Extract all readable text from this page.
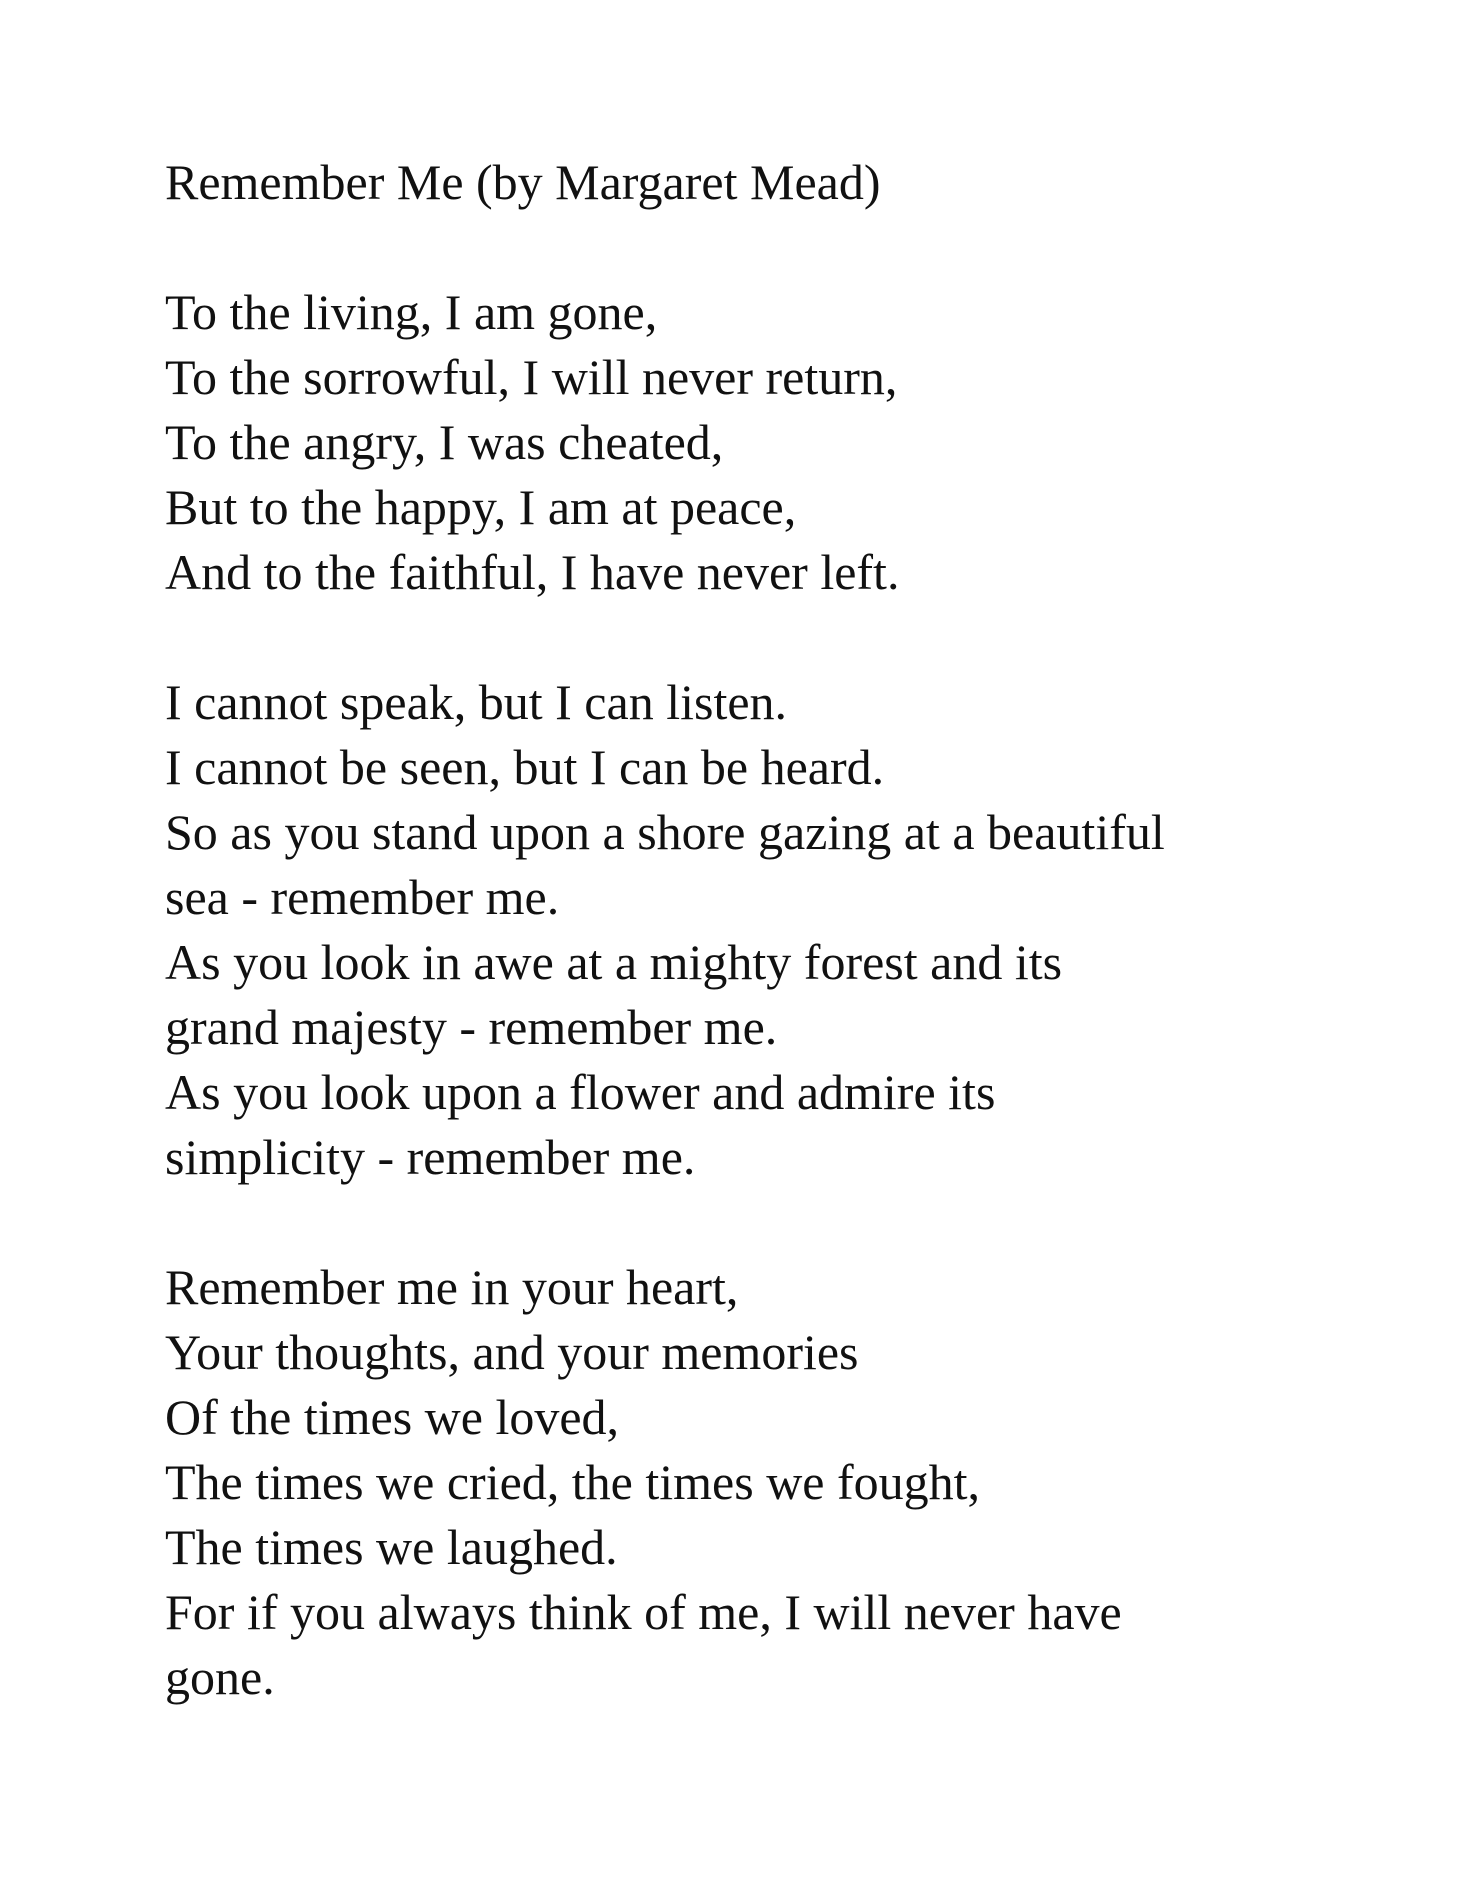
Remember Me (by Margaret Mead)
To the living, I am gone,
To the sorrowful, I will never return,
To the angry, I was cheated,
But to the happy, I am at peace,
And to the faithful, I have never left.
I cannot speak, but I can listen.
I cannot be seen, but I can be heard.
So as you stand upon a shore gazing at a beautiful
sea - remember me.
As you look in awe at a mighty forest and its
grand majesty - remember me.
As you look upon a flower and admire its
simplicity - remember me.
Remember me in your heart,
Your thoughts, and your memories
Of the times we loved,
The times we cried, the times we fought,
The times we laughed.
For if you always think of me, I will never have
gone.
